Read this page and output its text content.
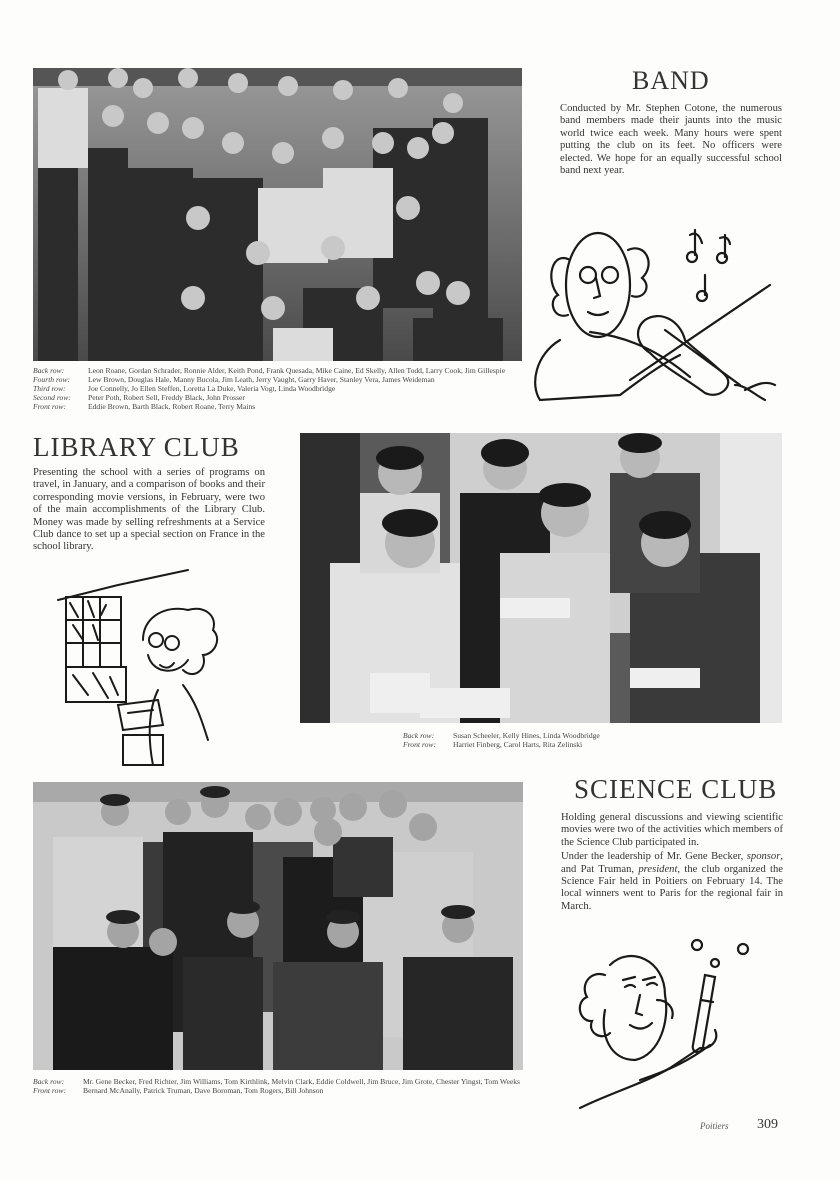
BAND

Conducted by Mr. Stephen Cotone, the numerous band members made their jaunts into the music world twice each week. Many hours were spent putting the club on its feet. No officers were elected. We hope for an equally successful school band next year.

Back row:	Leon Roane, Gordan Schrader, Ronnie Alder, Keith Pond, Frank Quesada, Mike Caine, Ed Skelly, Allen Todd, Larry Cook, Jim Gillespie
Fourth row:	Lew Brown, Douglas Hale, Manny Bucola, Jim Leath, Jerry Vaught, Garry Haver, Stanley Vera, James Weideman
Third row:	Joe Connelly, Jo Ellen Steffen, Loretta La Duke, Valeria Vogt, Linda Woodbridge
Second row:	Peter Poth, Robert Sell, Freddy Black, John Prosser
Front row:	Eddie Brown, Barth Black, Robert Roane, Terry Mains
LIBRARY CLUB

Presenting the school with a series of programs on travel, in January, and a comparison of books and their corresponding movie versions, in February, were two of the main accomplishments of the Library Club. Money was made by selling refreshments at a Service Club dance to set up a special section on France in the school library.

Back row:	Susan Scheeler, Kelly Hines, Linda Woodbridge
Front row:	Harriet Finberg, Carol Harts, Rita Zelinski
SCIENCE CLUB

Holding general discussions and viewing scientific movies were two of the activities which members of the Science Club participated in.

Under the leadership of Mr. Gene Becker, sponsor, and Pat Truman, president, the club organized the Science Fair held in Poitiers on February 14. The local winners went to Paris for the regional fair in March.

Back row:	Mr. Gene Becker, Fred Richter, Jim Williams, Tom Kirthlink, Melvin Clark, Eddie Coldwell, Jim Bruce, Jim Grote, Chester Yingst, Tom Weeks
Front row:	Bernard McAnally, Patrick Truman, Dave Boroman, Tom Rogers, Bill Johnson
Poitiers 309
